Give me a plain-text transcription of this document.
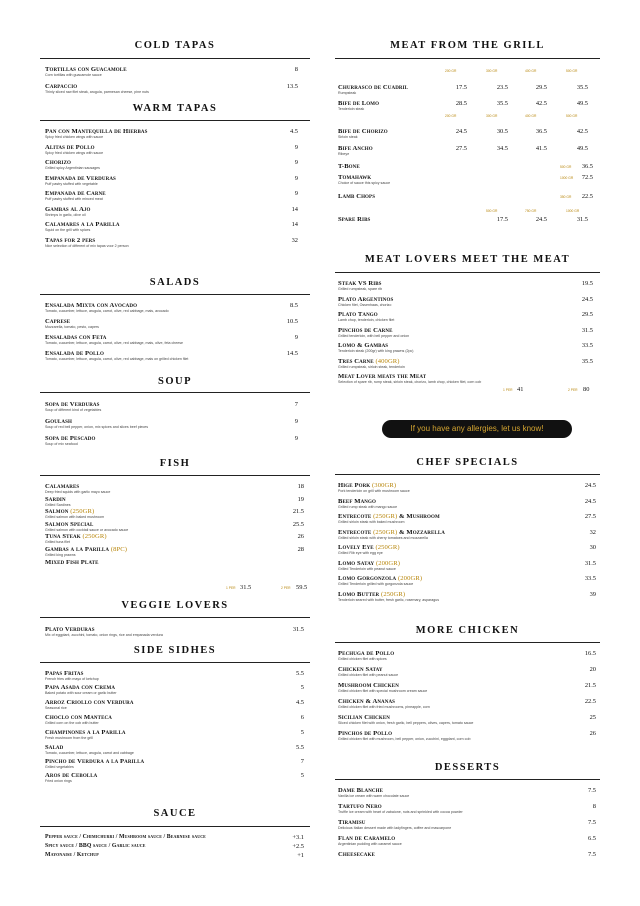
COLD TAPAS
Tortillas con Guacamole
Corn tortillas with guacamole sauce
8
Carpaccio
Thinly sliced raw filet steak, arugula, parmesan cheese, pine nuts
13.5
WARM TAPAS
Pan con Mantequilla de Hierbas
Spicy fried chicken wings with sauce
4.5
Alitas de Pollo
Spicy fried chicken wings with sauce
9
Chorizo
Grilled spicy Argentinian sausages
9
Empanada de Verduras
Puff pastry stuffed with vegetable
9
Empanada de Carne
Puff pastry stuffed with minced meat
9
Gambas al Ajo
Shrimps in garlic, olive oil
14
Calamares a la Parilla
Squid on the grill with spices
14
Tapas for 2 pers
Nice selection of different of mix tapas voor 2 person
32
SALADS
Ensalada Mixta con Avocado
Tomato, cucumber, lettuce, arugula, carrot, olive, red cabbage, mais, avocado
8.5
Caprese
Mozzarella, tomato, pesto, capers
10.5
Ensaladas con Feta
Tomato, cucumber, lettuce, arugula, carrot, olive, red cabbage, mais, olive, feta cheese
9
Ensalada de Pollo
Tomato, cucumber, lettuce, arugula, carrot, olive, red cabbage, mais on grilled chicken filet
14.5
SOUP
Sopa de Verduras
Soup of different kind of vegetables
7
Goulash
Soup of red bell pepper, onion, mix spices and slices beef pieces
9
Sopa de Pescado
Soup of mix seafood
9
FISH
Calamares
Deep fried squids with garlic mayo sauce
18
Sardin
Grilled Sardines
19
Salmon (250GR)
Grilled salmon with baked mushroom
21.5
Salmon Special
Grilled salmon with cocktail sauce or avocado sauce
25.5
Tuna Steak (250GR)
Grilled tuna filet
26
Gambas a la Parilla (8PC)
Grilled king prawns
28
Mixed Fish Plate
1 PER 31.5	2 PER 59.5
VEGGIE LOVERS
Plato Verduras
Mix of eggplant, zucchini, tomato, onion rings, rice and empanada verdura
31.5
SIDE SIDHES
Papas Fritas
French fries with mayo of ketchup
5.5
Papa Asada con Crema
Baked potato with sour cream or garlic butter
5
Arroz Criollo con Verdura
Seasonal rice
4.5
Choclo con Manteca
Grilled corn on the cob with butter
6
Champinones a la Parilla
Fresh mushroom from the grill
5
Salad
Tomato, cucumber, lettuce, arugula, carrot and cabbage
5.5
Pincho de Verdura a la Parilla
Grilled vegetables
7
Aros de Cebolla
Fried onion rings
5
SAUCE
Pepper sauce / Chimichurri / Mushroom sauce / Bearnese sauce	+3.1
Spicy sauce / BBQ sauce / Garlic sauce	+2.5
Mayonaise / Ketchup	+1
MEAT FROM THE GRILL
200 GR	300 GR	400 GR	500 GR
200 GR	300 GR	400 GR	500 GR
Churrasco de Cuadril
Rumpsteak
17.5	23.5	29.5	35.5
Bife de Lomo
Tenderloin steak
28.5	35.5	42.5	49.5
Bife de Chorizo
Sirloin steak
24.5	30.5	36.5	42.5
Bife Ancho
Ribeye
27.5	34.5	41.5	49.5
T-Bone	500 GR	36.5
Tomahawk
Choice of sauce this spicy sauce
1000 GR	72.5
Lamb Chops	350 GR	22.5
Spare Ribs
500 GR	750 GR	1000 GR
17.5	24.5	31.5
MEAT LOVERS MEET THE MEAT
Steak VS Ribs
Grilled rumpsteak, spare rib
19.5
Plato Argentinos
Chicken filet, Ossenhaas, chorizo
24.5
Plato Tango
Lamb chop, tenderloin, chicken filet
29.5
Pinchos de Carne
Grilled tenderloin, with bell pepper and onion
31.5
Lomo & Gambas
Tenderloin steak (200gr) with king prawns (2pc)
33.5
Tres Carne (400GR)
Grilled rumpsteak, sirloin steak, tenderloin
35.5
Meat Lover meats the Meat
Selection of spare rib, rump steak, sirloin steak, chorizo, lamb chop, chicken filet, corn cob
1 PER 41	2 PER 80
If you have any allergies, let us know!
CHEF SPECIALS
Hige Pork (300GR)
Pork tenderloin on grill with mushroom sauce
24.5
Beef Mango
Grilled rump steak with mango sauce
24.5
Entrecote (250GR) & Mushroom
Grilled sirloin steak with baked mushroom
27.5
Entrecote (250GR) & Mozzarella
Grilled sirloin steak with cherry tomatoes and mozzarella
32
Lovely Eye (250GR)
Grilled Rib eye with egg eye
30
Lomo Satay (200GR)
Grilled Tenderloin with peanut sauce
31.5
Lomo Gorgonzola (200GR)
Grilled Tenderloin grilled with gorgonzola sauce
33.5
Lomo Butter (250GR)
Tenderloin seared with butter, fresh garlic, rosemary, asparagus
39
MORE CHICKEN
Pechuga de Pollo
Grilled chicken filet with spices
16.5
Chicken Satay
Grilled chicken filet with peanut sauce
20
Mushroom Chicken
Grilled chicken filet with special mushroom cream sauce
21.5
Chicken & Ananas
Grilled chicken filet with fried mushrooms, pineapple, corn
22.5
Sicilian Chicken
Sliced chicken filet with onion, fresh garlic, bell peppers, olives, capers, tomato sauce
25
Pinchos de Pollo
Grilled chicken filet with mushroom, bell pepper, onion, zucchini, eggplant, corn cob
26
DESSERTS
Dame Blanche
Vanilla ice cream with warm chocolate sauce
7.5
Tartufo Nero
Truffle ice cream with heart of zabaione, nuts and sprinkled with cocoa powder
8
Tiramisu
Delicious Italian dessert made with ladyfingers, coffee and mascarpone
7.5
Flan de Caramelo
Argentinian pudding with caramel sauce
6.5
Cheesecake	7.5
